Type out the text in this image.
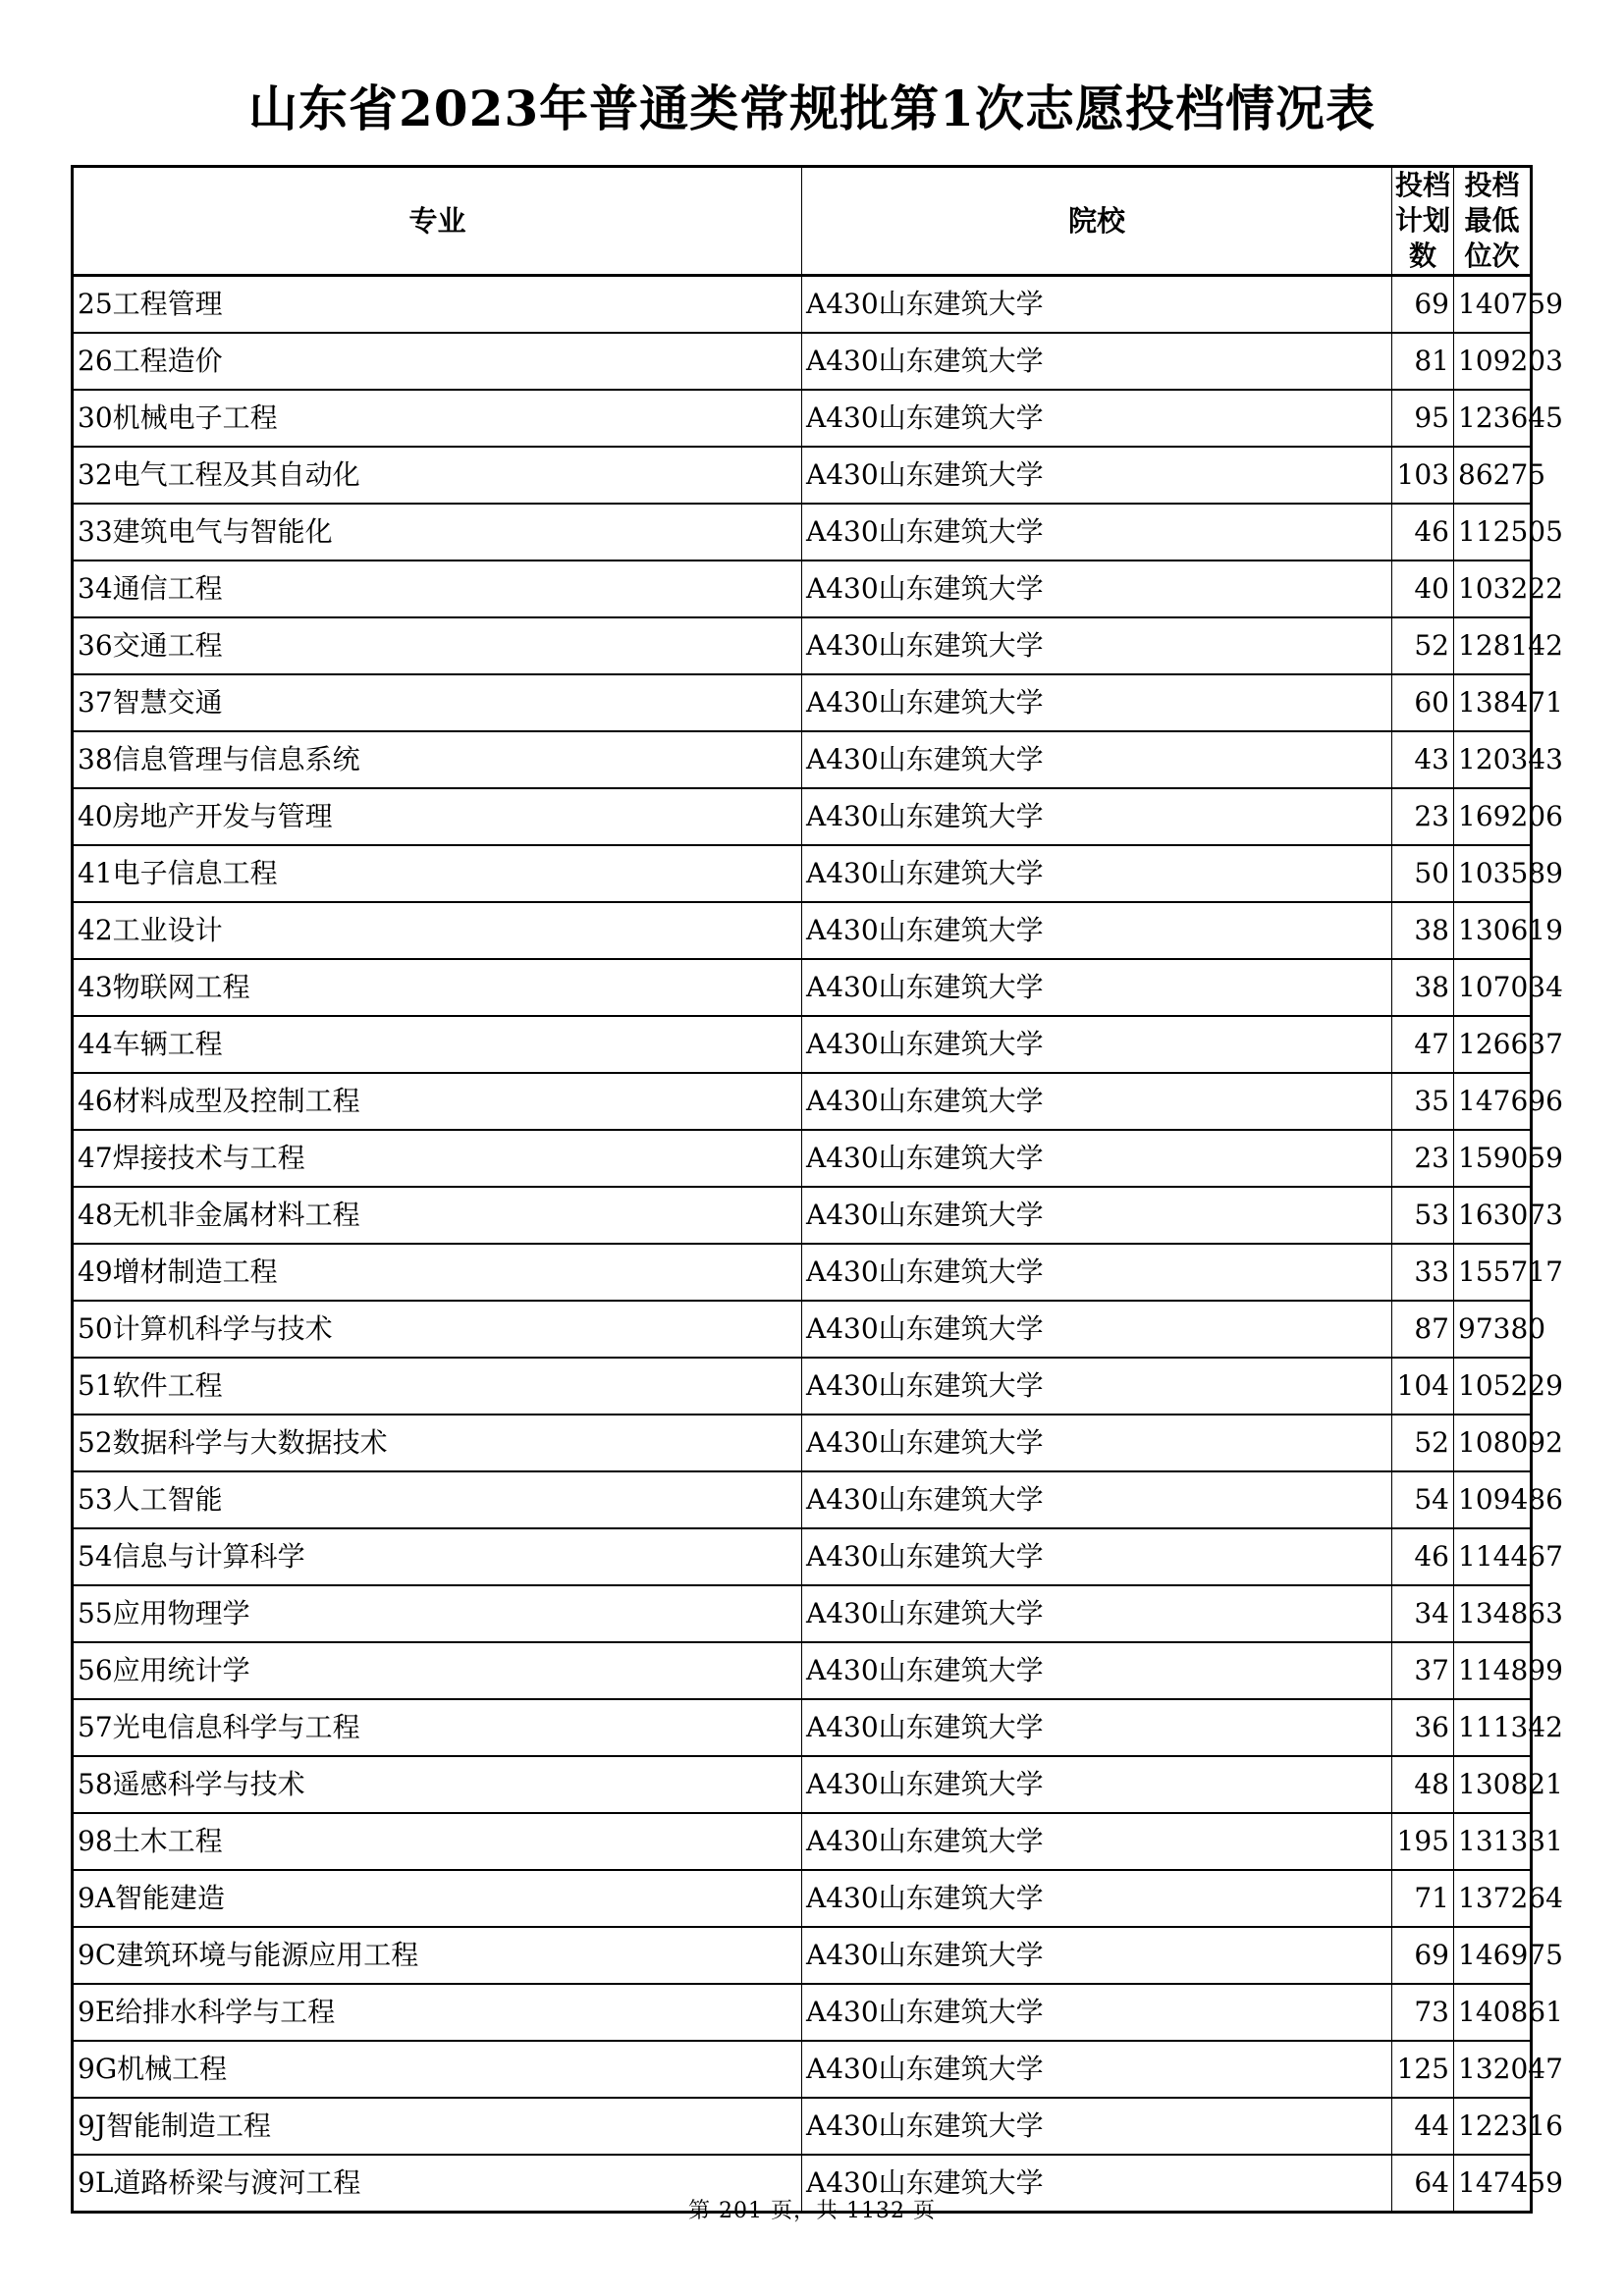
山东省2023年普通类常规批第1次志愿投档情况表
专业	院校	投档计划数	投档最低位次
25工程管理	A430山东建筑大学	69	140759
26工程造价	A430山东建筑大学	81	109203
30机械电子工程	A430山东建筑大学	95	123645
32电气工程及其自动化	A430山东建筑大学	103	86275
33建筑电气与智能化	A430山东建筑大学	46	112505
34通信工程	A430山东建筑大学	40	103222
36交通工程	A430山东建筑大学	52	128142
37智慧交通	A430山东建筑大学	60	138471
38信息管理与信息系统	A430山东建筑大学	43	120343
40房地产开发与管理	A430山东建筑大学	23	169206
41电子信息工程	A430山东建筑大学	50	103589
42工业设计	A430山东建筑大学	38	130619
43物联网工程	A430山东建筑大学	38	107034
44车辆工程	A430山东建筑大学	47	126637
46材料成型及控制工程	A430山东建筑大学	35	147696
47焊接技术与工程	A430山东建筑大学	23	159059
48无机非金属材料工程	A430山东建筑大学	53	163073
49增材制造工程	A430山东建筑大学	33	155717
50计算机科学与技术	A430山东建筑大学	87	97380
51软件工程	A430山东建筑大学	104	105229
52数据科学与大数据技术	A430山东建筑大学	52	108092
53人工智能	A430山东建筑大学	54	109486
54信息与计算科学	A430山东建筑大学	46	114467
55应用物理学	A430山东建筑大学	34	134863
56应用统计学	A430山东建筑大学	37	114899
57光电信息科学与工程	A430山东建筑大学	36	111342
58遥感科学与技术	A430山东建筑大学	48	130821
98土木工程	A430山东建筑大学	195	131331
9A智能建造	A430山东建筑大学	71	137264
9C建筑环境与能源应用工程	A430山东建筑大学	69	146975
9E给排水科学与工程	A430山东建筑大学	73	140861
9G机械工程	A430山东建筑大学	125	132047
9J智能制造工程	A430山东建筑大学	44	122316
9L道路桥梁与渡河工程	A430山东建筑大学	64	147459
第 201 页，共 1132 页
